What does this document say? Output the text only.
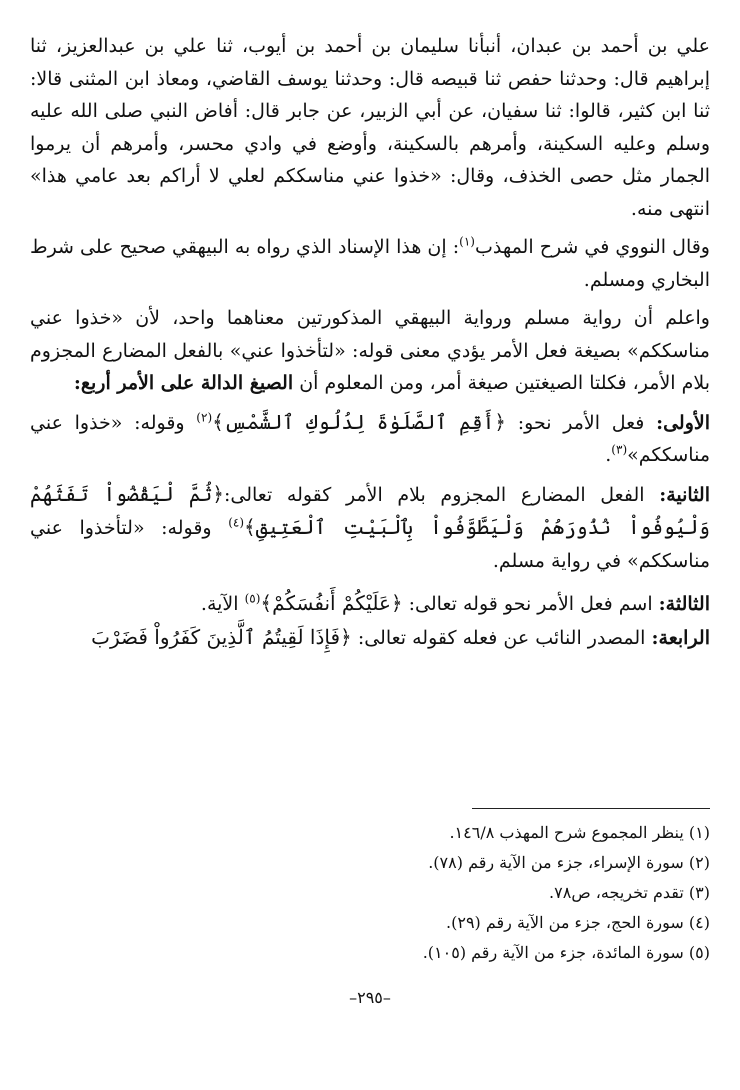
علي بن أحمد بن عبدان، أنبأنا سليمان بن أحمد بن أيوب، ثنا علي بن عبدالعزيز، ثنا إبراهيم قال: وحدثنا حفص ثنا قبيصه قال: وحدثنا يوسف القاضي، ومعاذ ابن المثنى قالا: ثنا ابن كثير، قالوا: ثنا سفيان، عن أبي الزبير، عن جابر قال: أفاض النبي صلى الله عليه وسلم وعليه السكينة، وأمرهم بالسكينة، وأوضع في وادي محسر، وأمرهم أن يرموا الجمار مثل حصى الخذف، وقال: «خذوا عني مناسككم لعلي لا أراكم بعد عامي هذا» انتهى منه.

وقال النووي في شرح المهذب$^{(١)}$: إن هذا الإسناد الذي رواه به البيهقي صحيح على شرط البخاري ومسلم.

واعلم أن رواية مسلم ورواية البيهقي المذكورتين معناهما واحد، لأن «خذوا عني مناسككم» بصيغة فعل الأمر يؤدي معنى قوله: «لتأخذوا عني» بالفعل المضارع المجزوم بلام الأمر، فكلتا الصيغتين صيغة أمر، ومن المعلوم أن الصيغ الدالة على الأمر أربع:

الأولى: فعل الأمر نحو: ﴿أَقِمِ ٱلصَّلَوٰةَ لِدُلُوكِ ٱلشَّمْسِ﴾$^{(٢)}$ وقوله: «خذوا عني مناسككم»$^{(٣)}$.

الثانية: الفعل المضارع المجزوم بلام الأمر كقوله تعالى:﴿ثُمَّ لْيَقْضُواْ تَفَثَهُمْ وَلْيُوفُواْ نُذُورَهُمْ وَلْيَطَّوَّفُواْ بِٱلْبَيْتِ ٱلْعَتِيقِ﴾$^{(٤)}$ وقوله: «لتأخذوا عني مناسككم» في رواية مسلم.

الثالثة: اسم فعل الأمر نحو قوله تعالى: ﴿عَلَيْكُمْ أَنفُسَكُمْ﴾$^{(٥)}$ الآية.

الرابعة: المصدر النائب عن فعله كقوله تعالى: ﴿فَإِذَا لَقِيتُمُ ٱلَّذِينَ كَفَرُواْ فَضَرْبَ

(١) ينظر المجموع شرح المهذب ١٤٦/٨.
(٢) سورة الإسراء، جزء من الآية رقم (٧٨).
(٣) تقدم تخريجه، ص٧٨.
(٤) سورة الحج، جزء من الآية رقم (٢٩).
(٥) سورة المائدة، جزء من الآية رقم (١٠٥).
–٢٩٥–
